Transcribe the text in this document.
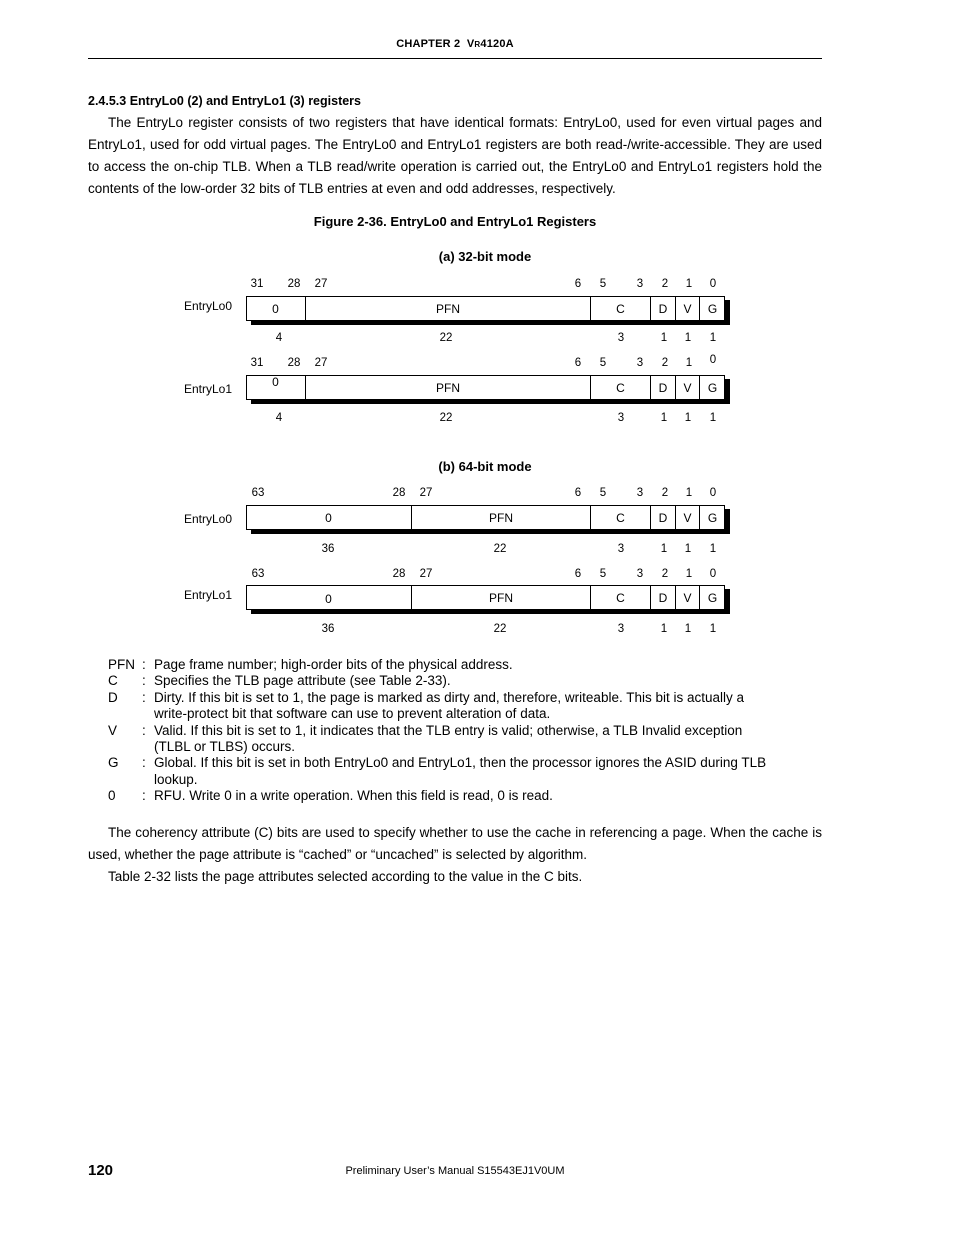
CHAPTER 2 VR4120A
2.4.5.3 EntryLo0 (2) and EntryLo1 (3) registers

The EntryLo register consists of two registers that have identical formats: EntryLo0, used for even virtual pages and EntryLo1, used for odd virtual pages. The EntryLo0 and EntryLo1 registers are both read-/write-accessible. They are used to access the on-chip TLB. When a TLB read/write operation is carried out, the EntryLo0 and EntryLo1 registers hold the contents of the low-order 32 bits of TLB entries at even and odd addresses, respectively.

Figure 2-36. EntryLo0 and EntryLo1 Registers
(a) 32-bit mode
(b) 64-bit mode
EntryLo0
31	28	27	6	5	3	2	1	0
0	PFN	C	D V G
4	22	3	1	1	1
EntryLo1
31	28	27	6	5	3	2	1	0
0	PFN	C	D V G
4	22	3	1	1	1
EntryLo0
63	28	27	6	5	3	2	1	0
0	PFN	C	D V G
36	22	3	1	1	1
EntryLo1
63	28	27	6	5	3	2	1	0
0	PFN	C	D V G
36	22	3	1	1	1
PFN : Page frame number; high-order bits of the physical address.
C : Specifies the TLB page attribute (see Table 2-33).
D : Dirty. If this bit is set to 1, the page is marked as dirty and, therefore, writeable. This bit is actually a
write-protect bit that software can use to prevent alteration of data.
V : Valid. If this bit is set to 1, it indicates that the TLB entry is valid; otherwise, a TLB Invalid exception
(TLBL or TLBS) occurs.
G : Global. If this bit is set in both EntryLo0 and EntryLo1, then the processor ignores the ASID during TLB
lookup.
0 : RFU. Write 0 in a write operation. When this field is read, 0 is read.

The coherency attribute (C) bits are used to specify whether to use the cache in referencing a page. When the cache is used, whether the page attribute is “cached” or “uncached” is selected by algorithm.

Table 2-32 lists the page attributes selected according to the value in the C bits.

120	Preliminary User’s Manual S15543EJ1V0UM
